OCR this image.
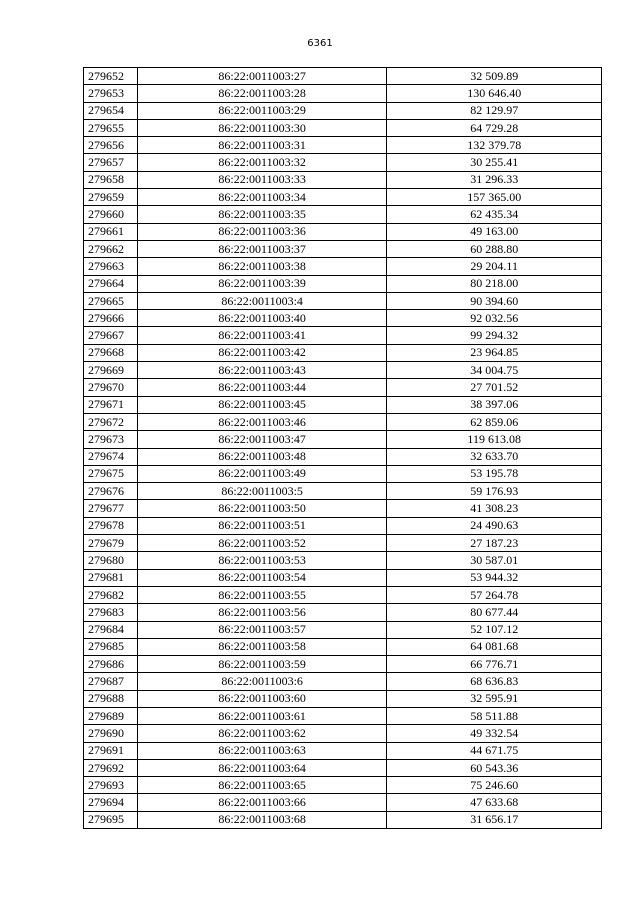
6361
279652	86:22:0011003:27	32 509.89
279653	86:22:0011003:28	130 646.40
279654	86:22:0011003:29	82 129.97
279655	86:22:0011003:30	64 729.28
279656	86:22:0011003:31	132 379.78
279657	86:22:0011003:32	30 255.41
279658	86:22:0011003:33	31 296.33
279659	86:22:0011003:34	157 365.00
279660	86:22:0011003:35	62 435.34
279661	86:22:0011003:36	49 163.00
279662	86:22:0011003:37	60 288.80
279663	86:22:0011003:38	29 204.11
279664	86:22:0011003:39	80 218.00
279665	86:22:0011003:4	90 394.60
279666	86:22:0011003:40	92 032.56
279667	86:22:0011003:41	99 294.32
279668	86:22:0011003:42	23 964.85
279669	86:22:0011003:43	34 004.75
279670	86:22:0011003:44	27 701.52
279671	86:22:0011003:45	38 397.06
279672	86:22:0011003:46	62 859.06
279673	86:22:0011003:47	119 613.08
279674	86:22:0011003:48	32 633.70
279675	86:22:0011003:49	53 195.78
279676	86:22:0011003:5	59 176.93
279677	86:22:0011003:50	41 308.23
279678	86:22:0011003:51	24 490.63
279679	86:22:0011003:52	27 187.23
279680	86:22:0011003:53	30 587.01
279681	86:22:0011003:54	53 944.32
279682	86:22:0011003:55	57 264.78
279683	86:22:0011003:56	80 677.44
279684	86:22:0011003:57	52 107.12
279685	86:22:0011003:58	64 081.68
279686	86:22:0011003:59	66 776.71
279687	86:22:0011003:6	68 636.83
279688	86:22:0011003:60	32 595.91
279689	86:22:0011003:61	58 511.88
279690	86:22:0011003:62	49 332.54
279691	86:22:0011003:63	44 671.75
279692	86:22:0011003:64	60 543.36
279693	86:22:0011003:65	75 246.60
279694	86:22:0011003:66	47 633.68
279695	86:22:0011003:68	31 656.17
